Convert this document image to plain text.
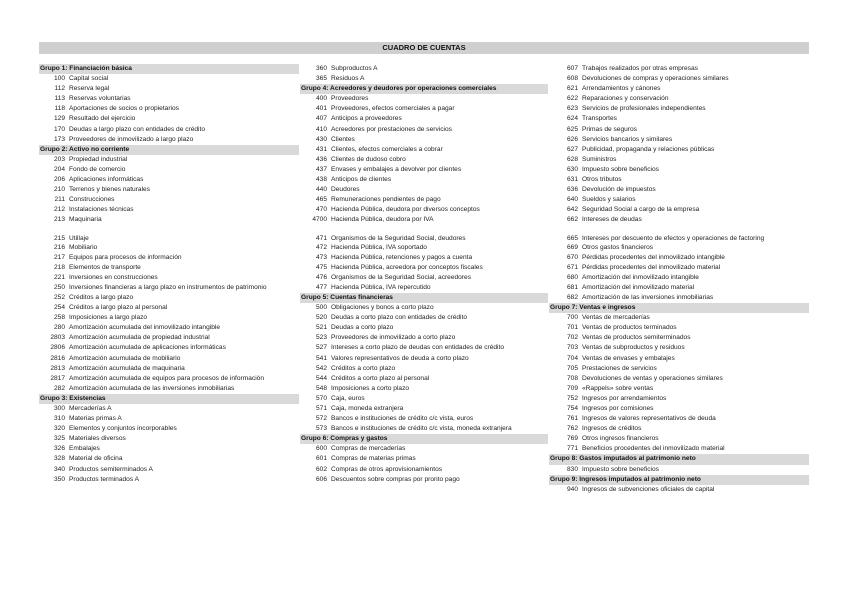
CUADRO DE CUENTAS
Grupo 1: Financiación básica
100 Capital social
112 Reserva legal
113 Reservas voluntarias
118 Aportaciones de socios o propietarios
129 Resultado del ejercicio
170 Deudas a largo plazo con entidades de crédito
173 Proveedores de inmovilizado a largo plazo
Grupo 2: Activo no corriente
203 Propiedad industrial
204 Fondo de comercio
206 Aplicaciones informáticas
210 Terrenos y bienes naturales
211 Construcciones
212 Instalaciones técnicas
213 Maquinaria
215 Utillaje
216 Mobiliario
217 Equipos para procesos de información
218 Elementos de transporte
221 Inversiones en construcciones
250 Inversiones financieras a largo plazo en instrumentos de patrimonio
252 Créditos a largo plazo
254 Créditos a largo plazo al personal
258 Imposiciones a largo plazo
280 Amortización acumulada del inmovilizado intangible
2803 Amortización acumulada de propiedad industrial
2806 Amortización acumulada de aplicaciones informáticas
2816 Amortización acumulada de mobiliario
2813 Amortización acumulada de maquinaria
2817 Amortización acumulada de equipos para procesos de información
282 Amortización acumulada de las inversiones inmobiliarias
Grupo 3: Existencias
300 Mercaderías A
310 Materias primas A
320 Elementos y conjuntos incorporables
325 Materiales diversos
326 Embalajes
328 Material de oficina
340 Productos semiterminados A
350 Productos terminados A
360 Subproductos A
365 Residuos A
Grupo 4: Acreedores y deudores por operaciones comerciales
400 Proveedores
401 Proveedores, efectos comerciales a pagar
407 Anticipos a proveedores
410 Acreedores por prestaciones de servicios
430 Clientes
431 Clientes, efectos comerciales a cobrar
436 Clientes de dudoso cobro
437 Envases y embalajes a devolver por clientes
438 Anticipos de clientes
440 Deudores
465 Remuneraciones pendientes de pago
470 Hacienda Pública, deudora por diversos conceptos
4700 Hacienda Pública, deudora por IVA
471 Organismos de la Seguridad Social, deudores
472 Hacienda Pública, IVA soportado
473 Hacienda Pública, retenciones y pagos a cuenta
475 Hacienda Pública, acreedora por conceptos fiscales
476 Organismos de la Seguridad Social, acreedores
477 Hacienda Pública, IVA repercutido
Grupo 5: Cuentas financieras
500 Obligaciones y bonos a corto plazo
520 Deudas a corto plazo con entidades de crédito
521 Deudas a corto plazo
523 Proveedores de inmovilizado a corto plazo
527 Intereses a corto plazo de deudas con entidades de crédito
541 Valores representativos de deuda a corto plazo
542 Créditos a corto plazo
544 Créditos a corto plazo al personal
548 Imposiciones a corto plazo
570 Caja, euros
571 Caja, moneda extranjera
572 Bancos e instituciones de crédito c/c vista, euros
573 Bancos e instituciones de crédito c/c vista, moneda extranjera
Grupo 6: Compras y gastos
600 Compras de mercaderías
601 Compras de materias primas
602 Compras de otros aprovisionamientos
606 Descuentos sobre compras por pronto pago
607 Trabajos realizados por otras empresas
608 Devoluciones de compras y operaciones similares
621 Arrendamientos y cánones
622 Reparaciones y conservación
623 Servicios de profesionales independientes
624 Transportes
625 Primas de seguros
626 Servicios bancarios y similares
627 Publicidad, propaganda y relaciones públicas
628 Suministros
630 Impuesto sobre beneficios
631 Otros tributos
636 Devolución de impuestos
640 Sueldos y salarios
642 Seguridad Social a cargo de la empresa
662 Intereses de deudas
665 Intereses por descuento de efectos y operaciones de factoring
669 Otros gastos financieros
670 Pérdidas procedentes del inmovilizado intangible
671 Pérdidas procedentes del inmovilizado material
680 Amortización del inmovilizado intangible
681 Amortización del inmovilizado material
682 Amortización de las inversiones inmobiliarias
Grupo 7: Ventas e ingresos
700 Ventas de mercaderías
701 Ventas de productos terminados
702 Ventas de productos semiterminados
703 Ventas de subproductos y residuos
704 Ventas de envases y embalajes
705 Prestaciones de servicios
708 Devoluciones de ventas y operaciones similares
709 «Rappels» sobre ventas
752 Ingresos por arrendamientos
754 Ingresos por comisiones
761 Ingresos de valores representativos de deuda
762 Ingresos de créditos
769 Otros ingresos financieros
771 Beneficios procedentes del inmovilizado material
Grupo 8: Gastos imputados al patrimonio neto
830 Impuesto sobre beneficios
Grupo 9: Ingresos imputados al patrimonio neto
940 Ingresos de subvenciones oficiales de capital
